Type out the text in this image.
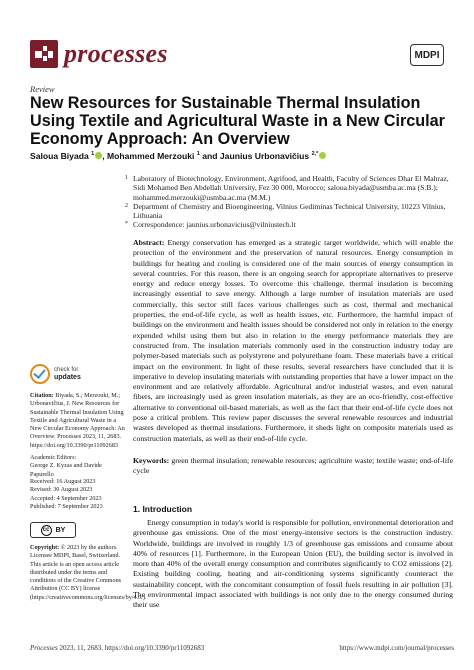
processes	MDPI
Review
New Resources for Sustainable Thermal Insulation Using Textile and Agricultural Waste in a New Circular Economy Approach: An Overview
Saloua Biyada $^1$ , Mohammed Merzouki $^1$ and Jaunius Urbonavičius $^{2,*}$
1 Laboratory of Biotechnology, Environment, Agrifood, and Health, Faculty of Sciences Dhar El Mahraz, Sidi Mohamed Ben Abdellah University, Fez 30 000, Morocco; saloua.biyada@usmba.ac.ma (S.B.); mohammed.merzouki@usmba.ac.ma (M.M.)
2 Department of Chemistry and Bioengineering, Vilnius Gediminas Technical University, 10223 Vilnius, Lithuania
* Correspondence: jaunius.urbonavicius@vilniustech.lt
Abstract: Energy conservation has emerged as a strategic target worldwide, which will enable the protection of the environment and the preservation of natural resources. Energy consumption in buildings for heating and cooling is considered one of the main sources of energy consumption in several countries. For this reason, there is an ongoing search for appropriate alternatives to preserve energy and reduce energy losses. To overcome this challenge, thermal insulation is becoming increasingly essential to save energy. Although a large number of insulation materials are used commercially, this sector still faces various challenges such as cost, thermal and mechanical properties, the end-of-life cycle, as well as health issues, etc. Furthermore, the harmful impact of buildings on the environment and health issues should be considered not only in relation to the energy expended whilst using them but also in relation to the energy performance materials they are constructed from. The insulation materials commonly used in the construction industry today are polymer-based materials such as polystyrene and polyurethane foam. These materials have a critical impact on the environment. In light of these results, several researchers have concluded that it is imperative to develop insulating materials with outstanding properties that have a lower impact on the environment and are relatively affordable. Agricultural and/or industrial wastes, and even natural fibers, are increasingly used as green insulation materials, as they are an eco-friendly, cost-effective alternative to conventional oil-based materials, as well as the fact that their end-of-life cycle does not pose a critical problem. This review paper discusses the several renewable resources and industrial wastes developed as thermal insulations. Furthermore, it sheds light on composite materials used as construction materials, as well as their end-of-life cycle.
Keywords: green thermal insulation; renewable resources; agriculture waste; textile waste; end-of-life cycle
1. Introduction
Energy consumption in today's world is responsible for pollution, environmental deterioration and greenhouse gas emissions. One of the most energy-intensive sectors is the construction industry. Worldwide, buildings are involved in roughly 1/3 of greenhouse gas emissions and consume about 40% of resources [1]. Furthermore, in the European Union (EU), the building sector is involved in more than 40% of the overall energy consumption and contributes significantly to CO2 emissions [2]. Existing building cooling, heating and air-conditioning systems significantly counteract the sustainability concept, with the concomitant consumption of fossil fuels resulting in air pollution [3]. The environmental impact associated with buildings is not only due to the energy consumed during their use
check for
updates
Citation: Biyada, S.; Merzouki, M.; Urbonavičius, J. New Resources for Sustainable Thermal Insulation Using Textile and Agricultural Waste in a New Circular Economy Approach: An Overview. Processes 2023, 11, 2683. https://doi.org/10.3390/pr11092683
Academic Editors:
George Z. Kyzas and Davide Papurello
Received: 16 August 2023
Revised: 30 August 2023
Accepted: 4 September 2023
Published: 7 September 2023
cc BY
Copyright: © 2023 by the authors. Licensee MDPI, Basel, Switzerland. This article is an open access article distributed under the terms and conditions of the Creative Commons Attribution (CC BY) license (https://creativecommons.org/licenses/by/4.0/).
Processes 2023, 11, 2683. https://doi.org/10.3390/pr11092683	https://www.mdpi.com/journal/processes
